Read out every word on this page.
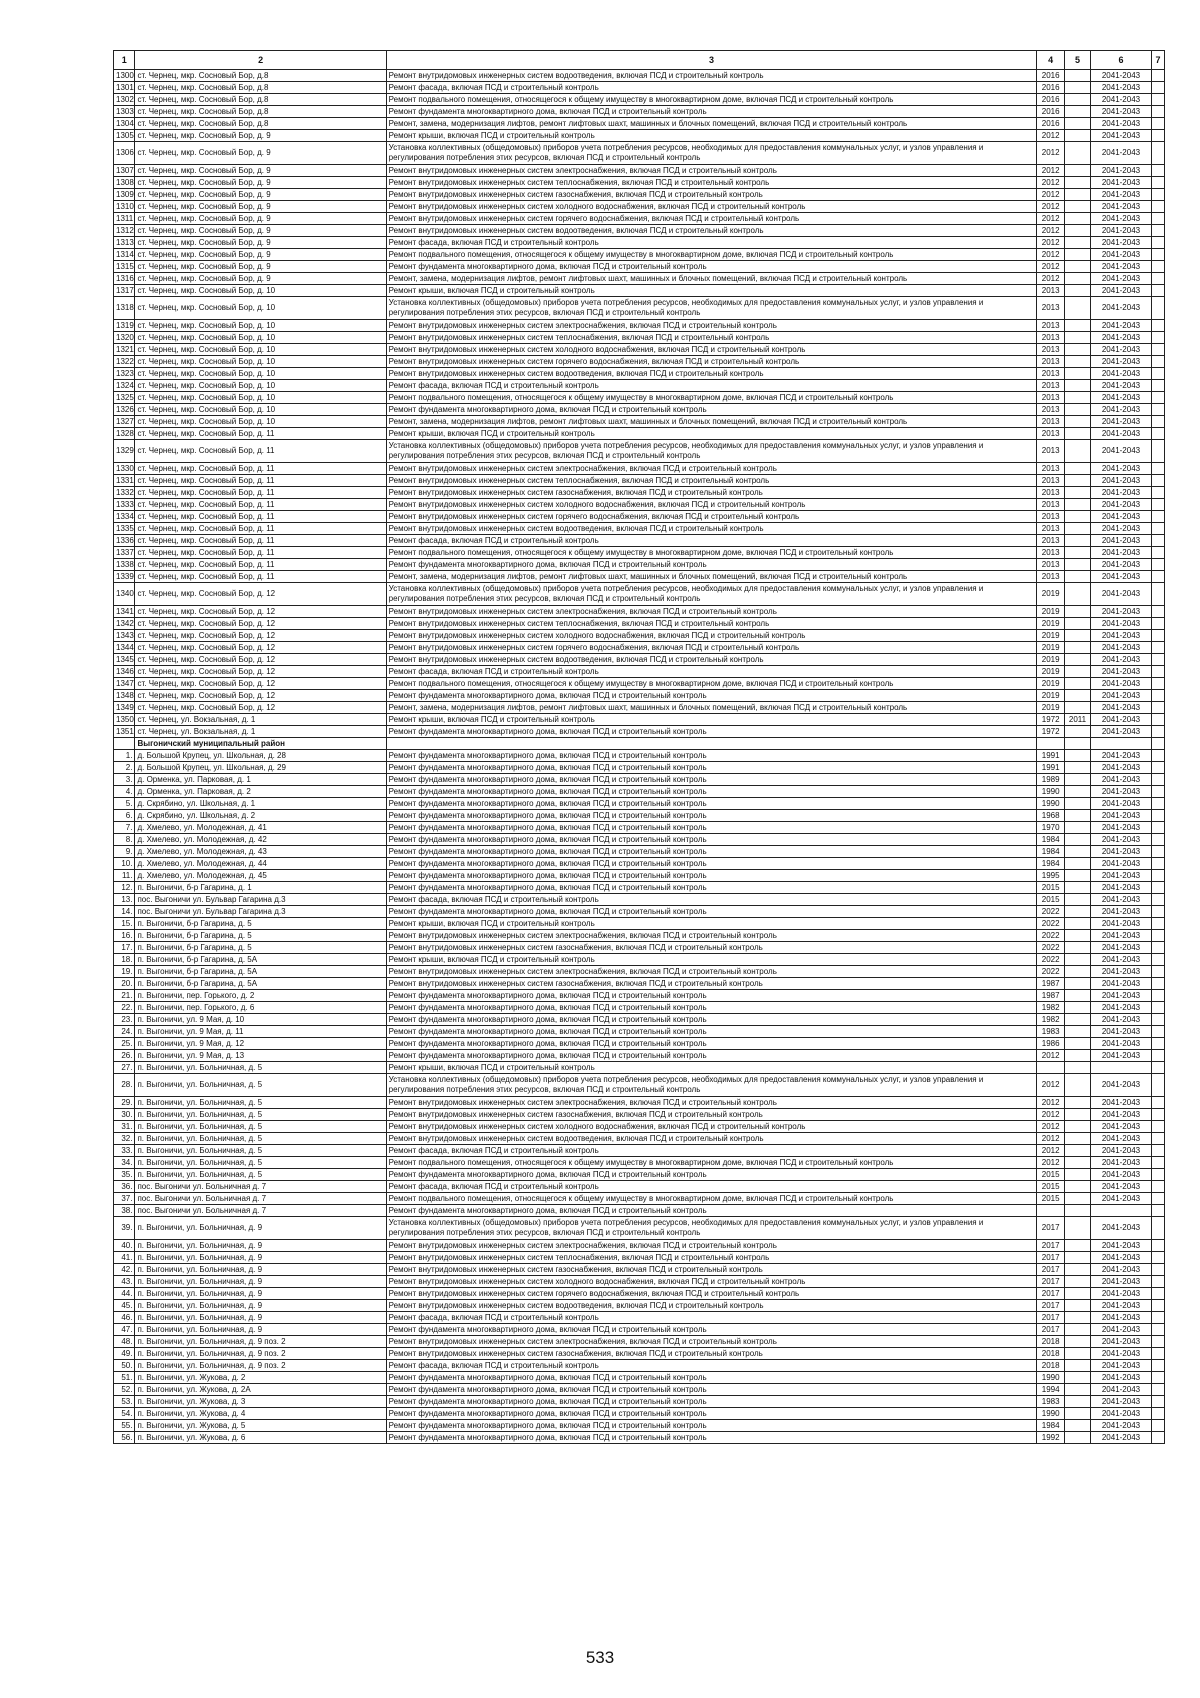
1	2	3	4	5	6	7
1300	ст. Чернец, мкр. Сосновый Бор, д.8	Ремонт внутридомовых инженерных систем водоотведения, включая ПСД и строительный контроль	2016		2041-2043	
1301	ст. Чернец, мкр. Сосновый Бор, д.8	Ремонт фасада, включая ПСД и строительный контроль	2016		2041-2043	
1302	ст. Чернец, мкр. Сосновый Бор, д.8	Ремонт подвального помещения, относящегося к общему имуществу в многоквартирном доме, включая ПСД и строительный контроль	2016		2041-2043	
1303	ст. Чернец, мкр. Сосновый Бор, д.8	Ремонт фундамента многоквартирного дома, включая ПСД и строительный контроль	2016		2041-2043	
1304	ст. Чернец, мкр. Сосновый Бор, д.8	Ремонт, замена, модернизация лифтов, ремонт лифтовых шахт, машинных и блочных помещений, включая ПСД и строительный контроль	2016		2041-2043	
1305	ст. Чернец, мкр. Сосновый Бор, д. 9	Ремонт крыши, включая ПСД и строительный контроль	2012		2041-2043	
1306	ст. Чернец, мкр. Сосновый Бор, д. 9	Установка коллективных (общедомовых) приборов учета потребления ресурсов, необходимых для предоставления коммунальных услуг, и узлов управления и регулирования потребления этих ресурсов, включая ПСД и строительный контроль	2012		2041-2043	
1307	ст. Чернец, мкр. Сосновый Бор, д. 9	Ремонт внутридомовых инженерных систем электроснабжения, включая ПСД и строительный контроль	2012		2041-2043	
1308	ст. Чернец, мкр. Сосновый Бор, д. 9	Ремонт внутридомовых инженерных систем теплоснабжения, включая ПСД и строительный контроль	2012		2041-2043	
1309	ст. Чернец, мкр. Сосновый Бор, д. 9	Ремонт внутридомовых инженерных систем газоснабжения, включая ПСД и строительный контроль	2012		2041-2043	
1310	ст. Чернец, мкр. Сосновый Бор, д. 9	Ремонт внутридомовых инженерных систем холодного водоснабжения, включая ПСД и строительный контроль	2012		2041-2043	
1311	ст. Чернец, мкр. Сосновый Бор, д. 9	Ремонт внутридомовых инженерных систем горячего водоснабжения, включая ПСД и строительный контроль	2012		2041-2043	
1312	ст. Чернец, мкр. Сосновый Бор, д. 9	Ремонт внутридомовых инженерных систем водоотведения, включая ПСД и строительный контроль	2012		2041-2043	
1313	ст. Чернец, мкр. Сосновый Бор, д. 9	Ремонт фасада, включая ПСД и строительный контроль	2012		2041-2043	
1314	ст. Чернец, мкр. Сосновый Бор, д. 9	Ремонт подвального помещения, относящегося к общему имуществу в многоквартирном доме, включая ПСД и строительный контроль	2012		2041-2043	
1315	ст. Чернец, мкр. Сосновый Бор, д. 9	Ремонт фундамента многоквартирного дома, включая ПСД и строительный контроль	2012		2041-2043	
1316	ст. Чернец, мкр. Сосновый Бор, д. 9	Ремонт, замена, модернизация лифтов, ремонт лифтовых шахт, машинных и блочных помещений, включая ПСД и строительный контроль	2012		2041-2043	
1317	ст. Чернец, мкр. Сосновый Бор, д. 10	Ремонт крыши, включая ПСД и строительный контроль	2013		2041-2043	
1318	ст. Чернец, мкр. Сосновый Бор, д. 10	Установка коллективных (общедомовых) приборов учета потребления ресурсов, необходимых для предоставления коммунальных услуг, и узлов управления и регулирования потребления этих ресурсов, включая ПСД и строительный контроль	2013		2041-2043	
1319	ст. Чернец, мкр. Сосновый Бор, д. 10	Ремонт внутридомовых инженерных систем электроснабжения, включая ПСД и строительный контроль	2013		2041-2043	
1320	ст. Чернец, мкр. Сосновый Бор, д. 10	Ремонт внутридомовых инженерных систем теплоснабжения, включая ПСД и строительный контроль	2013		2041-2043	
1321	ст. Чернец, мкр. Сосновый Бор, д. 10	Ремонт внутридомовых инженерных систем холодного водоснабжения, включая ПСД и строительный контроль	2013		2041-2043	
1322	ст. Чернец, мкр. Сосновый Бор, д. 10	Ремонт внутридомовых инженерных систем горячего водоснабжения, включая ПСД и строительный контроль	2013		2041-2043	
1323	ст. Чернец, мкр. Сосновый Бор, д. 10	Ремонт внутридомовых инженерных систем водоотведения, включая ПСД и строительный контроль	2013		2041-2043	
1324	ст. Чернец, мкр. Сосновый Бор, д. 10	Ремонт фасада, включая ПСД и строительный контроль	2013		2041-2043	
1325	ст. Чернец, мкр. Сосновый Бор, д. 10	Ремонт подвального помещения, относящегося к общему имуществу в многоквартирном доме, включая ПСД и строительный контроль	2013		2041-2043	
1326	ст. Чернец, мкр. Сосновый Бор, д. 10	Ремонт фундамента многоквартирного дома, включая ПСД и строительный контроль	2013		2041-2043	
1327	ст. Чернец, мкр. Сосновый Бор, д. 10	Ремонт, замена, модернизация лифтов, ремонт лифтовых шахт, машинных и блочных помещений, включая ПСД и строительный контроль	2013		2041-2043	
1328	ст. Чернец, мкр. Сосновый Бор, д. 11	Ремонт крыши, включая ПСД и строительный контроль	2013		2041-2043	
1329	ст. Чернец, мкр. Сосновый Бор, д. 11	Установка коллективных (общедомовых) приборов учета потребления ресурсов, необходимых для предоставления коммунальных услуг, и узлов управления и регулирования потребления этих ресурсов, включая ПСД и строительный контроль	2013		2041-2043	
1330	ст. Чернец, мкр. Сосновый Бор, д. 11	Ремонт внутридомовых инженерных систем электроснабжения, включая ПСД и строительный контроль	2013		2041-2043	
1331	ст. Чернец, мкр. Сосновый Бор, д. 11	Ремонт внутридомовых инженерных систем теплоснабжения, включая ПСД и строительный контроль	2013		2041-2043	
1332	ст. Чернец, мкр. Сосновый Бор, д. 11	Ремонт внутридомовых инженерных систем газоснабжения, включая ПСД и строительный контроль	2013		2041-2043	
1333	ст. Чернец, мкр. Сосновый Бор, д. 11	Ремонт внутридомовых инженерных систем холодного водоснабжения, включая ПСД и строительный контроль	2013		2041-2043	
1334	ст. Чернец, мкр. Сосновый Бор, д. 11	Ремонт внутридомовых инженерных систем горячего водоснабжения, включая ПСД и строительный контроль	2013		2041-2043	
1335	ст. Чернец, мкр. Сосновый Бор, д. 11	Ремонт внутридомовых инженерных систем водоотведения, включая ПСД и строительный контроль	2013		2041-2043	
1336	ст. Чернец, мкр. Сосновый Бор, д. 11	Ремонт фасада, включая ПСД и строительный контроль	2013		2041-2043	
1337	ст. Чернец, мкр. Сосновый Бор, д. 11	Ремонт подвального помещения, относящегося к общему имуществу в многоквартирном доме, включая ПСД и строительный контроль	2013		2041-2043	
1338	ст. Чернец, мкр. Сосновый Бор, д. 11	Ремонт фундамента многоквартирного дома, включая ПСД и строительный контроль	2013		2041-2043	
1339	ст. Чернец, мкр. Сосновый Бор, д. 11	Ремонт, замена, модернизация лифтов, ремонт лифтовых шахт, машинных и блочных помещений, включая ПСД и строительный контроль	2013		2041-2043	
1340	ст. Чернец, мкр. Сосновый Бор, д. 12	Установка коллективных (общедомовых) приборов учета потребления ресурсов, необходимых для предоставления коммунальных услуг, и узлов управления и регулирования потребления этих ресурсов, включая ПСД и строительный контроль	2019		2041-2043	
1341	ст. Чернец, мкр. Сосновый Бор, д. 12	Ремонт внутридомовых инженерных систем электроснабжения, включая ПСД и строительный контроль	2019		2041-2043	
1342	ст. Чернец, мкр. Сосновый Бор, д. 12	Ремонт внутридомовых инженерных систем теплоснабжения, включая ПСД и строительный контроль	2019		2041-2043	
1343	ст. Чернец, мкр. Сосновый Бор, д. 12	Ремонт внутридомовых инженерных систем холодного водоснабжения, включая ПСД и строительный контроль	2019		2041-2043	
1344	ст. Чернец, мкр. Сосновый Бор, д. 12	Ремонт внутридомовых инженерных систем горячего водоснабжения, включая ПСД и строительный контроль	2019		2041-2043	
1345	ст. Чернец, мкр. Сосновый Бор, д. 12	Ремонт внутридомовых инженерных систем водоотведения, включая ПСД и строительный контроль	2019		2041-2043	
1346	ст. Чернец, мкр. Сосновый Бор, д. 12	Ремонт фасада, включая ПСД и строительный контроль	2019		2041-2043	
1347	ст. Чернец, мкр. Сосновый Бор, д. 12	Ремонт подвального помещения, относящегося к общему имуществу в многоквартирном доме, включая ПСД и строительный контроль	2019		2041-2043	
1348	ст. Чернец, мкр. Сосновый Бор, д. 12	Ремонт фундамента многоквартирного дома, включая ПСД и строительный контроль	2019		2041-2043	
1349	ст. Чернец, мкр. Сосновый Бор, д. 12	Ремонт, замена, модернизация лифтов, ремонт лифтовых шахт, машинных и блочных помещений, включая ПСД и строительный контроль	2019		2041-2043	
1350	ст. Чернец, ул. Вокзальная, д. 1	Ремонт крыши, включая ПСД и строительный контроль	1972	2011	2041-2043	
1351	ст. Чернец, ул. Вокзальная, д. 1	Ремонт фундамента многоквартирного дома, включая ПСД и строительный контроль	1972		2041-2043	
	Выгоничский муниципальный район					
1.	д. Большой Крупец, ул. Школьная, д. 28	Ремонт фундамента многоквартирного дома, включая ПСД и строительный контроль	1991		2041-2043	
2.	д. Большой Крупец, ул. Школьная, д. 29	Ремонт фундамента многоквартирного дома, включая ПСД и строительный контроль	1991		2041-2043	
3.	д. Орменка, ул. Парковая, д. 1	Ремонт фундамента многоквартирного дома, включая ПСД и строительный контроль	1989		2041-2043	
4.	д. Орменка, ул. Парковая, д. 2	Ремонт фундамента многоквартирного дома, включая ПСД и строительный контроль	1990		2041-2043	
5.	д. Скрябино, ул. Школьная, д. 1	Ремонт фундамента многоквартирного дома, включая ПСД и строительный контроль	1990		2041-2043	
6.	д. Скрябино, ул. Школьная, д. 2	Ремонт фундамента многоквартирного дома, включая ПСД и строительный контроль	1968		2041-2043	
7.	д. Хмелево, ул. Молодежная, д. 41	Ремонт фундамента многоквартирного дома, включая ПСД и строительный контроль	1970		2041-2043	
8.	д. Хмелево, ул. Молодежная, д. 42	Ремонт фундамента многоквартирного дома, включая ПСД и строительный контроль	1984		2041-2043	
9.	д. Хмелево, ул. Молодежная, д. 43	Ремонт фундамента многоквартирного дома, включая ПСД и строительный контроль	1984		2041-2043	
10.	д. Хмелево, ул. Молодежная, д. 44	Ремонт фундамента многоквартирного дома, включая ПСД и строительный контроль	1984		2041-2043	
11.	д. Хмелево, ул. Молодежная, д. 45	Ремонт фундамента многоквартирного дома, включая ПСД и строительный контроль	1995		2041-2043	
12.	п. Выгоничи, б-р Гагарина, д. 1	Ремонт фундамента многоквартирного дома, включая ПСД и строительный контроль	2015		2041-2043	
13.	пос. Выгоничи ул. Бульвар Гагарина д.3	Ремонт фасада, включая ПСД и строительный контроль	2015		2041-2043	
14.	пос. Выгоничи ул. Бульвар Гагарина д.3	Ремонт фундамента многоквартирного дома, включая ПСД и строительный контроль	2022		2041-2043	
15.	п. Выгоничи, б-р Гагарина, д. 5	Ремонт крыши, включая ПСД и строительный контроль	2022		2041-2043	
16.	п. Выгоничи, б-р Гагарина, д. 5	Ремонт внутридомовых инженерных систем электроснабжения, включая ПСД и строительный контроль	2022		2041-2043	
17.	п. Выгоничи, б-р Гагарина, д. 5	Ремонт внутридомовых инженерных систем газоснабжения, включая ПСД и строительный контроль	2022		2041-2043	
18.	п. Выгоничи, б-р Гагарина, д. 5А	Ремонт крыши, включая ПСД и строительный контроль	2022		2041-2043	
19.	п. Выгоничи, б-р Гагарина, д. 5А	Ремонт внутридомовых инженерных систем электроснабжения, включая ПСД и строительный контроль	2022		2041-2043	
20.	п. Выгоничи, б-р Гагарина, д. 5А	Ремонт внутридомовых инженерных систем газоснабжения, включая ПСД и строительный контроль	1987		2041-2043	
21.	п. Выгоничи, пер. Горького, д. 2	Ремонт фундамента многоквартирного дома, включая ПСД и строительный контроль	1987		2041-2043	
22.	п. Выгоничи, пер. Горького, д. 6	Ремонт фундамента многоквартирного дома, включая ПСД и строительный контроль	1982		2041-2043	
23.	п. Выгоничи, ул. 9 Мая, д. 10	Ремонт фундамента многоквартирного дома, включая ПСД и строительный контроль	1982		2041-2043	
24.	п. Выгоничи, ул. 9 Мая, д. 11	Ремонт фундамента многоквартирного дома, включая ПСД и строительный контроль	1983		2041-2043	
25.	п. Выгоничи, ул. 9 Мая, д. 12	Ремонт фундамента многоквартирного дома, включая ПСД и строительный контроль	1986		2041-2043	
26.	п. Выгоничи, ул. 9 Мая, д. 13	Ремонт фундамента многоквартирного дома, включая ПСД и строительный контроль	2012		2041-2043	
27.	п. Выгоничи, ул. Больничная, д. 5	Ремонт крыши, включая ПСД и строительный контроль				
28.	п. Выгоничи, ул. Больничная, д. 5	Установка коллективных (общедомовых) приборов учета потребления ресурсов, необходимых для предоставления коммунальных услуг, и узлов управления и регулирования потребления этих ресурсов, включая ПСД и строительный контроль	2012		2041-2043	
29.	п. Выгоничи, ул. Больничная, д. 5	Ремонт внутридомовых инженерных систем электроснабжения, включая ПСД и строительный контроль	2012		2041-2043	
30.	п. Выгоничи, ул. Больничная, д. 5	Ремонт внутридомовых инженерных систем газоснабжения, включая ПСД и строительный контроль	2012		2041-2043	
31.	п. Выгоничи, ул. Больничная, д. 5	Ремонт внутридомовых инженерных систем холодного водоснабжения, включая ПСД и строительный контроль	2012		2041-2043	
32.	п. Выгоничи, ул. Больничная, д. 5	Ремонт внутридомовых инженерных систем водоотведения, включая ПСД и строительный контроль	2012		2041-2043	
33.	п. Выгоничи, ул. Больничная, д. 5	Ремонт фасада, включая ПСД и строительный контроль	2012		2041-2043	
34.	п. Выгоничи, ул. Больничная, д. 5	Ремонт подвального помещения, относящегося к общему имуществу в многоквартирном доме, включая ПСД и строительный контроль	2012		2041-2043	
35.	п. Выгоничи, ул. Больничная, д. 5	Ремонт фундамента многоквартирного дома, включая ПСД и строительный контроль	2015		2041-2043	
36.	пос. Выгоничи ул. Больничная д. 7	Ремонт фасада, включая ПСД и строительный контроль	2015		2041-2043	
37.	пос. Выгоничи ул. Больничная д. 7	Ремонт подвального помещения, относящегося к общему имуществу в многоквартирном доме, включая ПСД и строительный контроль	2015		2041-2043	
38.	пос. Выгоничи ул. Больничная д. 7	Ремонт фундамента многоквартирного дома, включая ПСД и строительный контроль				
39.	п. Выгоничи, ул. Больничная, д. 9	Установка коллективных (общедомовых) приборов учета потребления ресурсов, необходимых для предоставления коммунальных услуг, и узлов управления и регулирования потребления этих ресурсов, включая ПСД и строительный контроль	2017		2041-2043	
40.	п. Выгоничи, ул. Больничная, д. 9	Ремонт внутридомовых инженерных систем электроснабжения, включая ПСД и строительный контроль	2017		2041-2043	
41.	п. Выгоничи, ул. Больничная, д. 9	Ремонт внутридомовых инженерных систем теплоснабжения, включая ПСД и строительный контроль	2017		2041-2043	
42.	п. Выгоничи, ул. Больничная, д. 9	Ремонт внутридомовых инженерных систем газоснабжения, включая ПСД и строительный контроль	2017		2041-2043	
43.	п. Выгоничи, ул. Больничная, д. 9	Ремонт внутридомовых инженерных систем холодного водоснабжения, включая ПСД и строительный контроль	2017		2041-2043	
44.	п. Выгоничи, ул. Больничная, д. 9	Ремонт внутридомовых инженерных систем горячего водоснабжения, включая ПСД и строительный контроль	2017		2041-2043	
45.	п. Выгоничи, ул. Больничная, д. 9	Ремонт внутридомовых инженерных систем водоотведения, включая ПСД и строительный контроль	2017		2041-2043	
46.	п. Выгоничи, ул. Больничная, д. 9	Ремонт фасада, включая ПСД и строительный контроль	2017		2041-2043	
47.	п. Выгоничи, ул. Больничная, д. 9	Ремонт фундамента многоквартирного дома, включая ПСД и строительный контроль	2017		2041-2043	
48.	п. Выгоничи, ул. Больничная, д. 9 поз. 2	Ремонт внутридомовых инженерных систем электроснабжения, включая ПСД и строительный контроль	2018		2041-2043	
49.	п. Выгоничи, ул. Больничная, д. 9 поз. 2	Ремонт внутридомовых инженерных систем газоснабжения, включая ПСД и строительный контроль	2018		2041-2043	
50.	п. Выгоничи, ул. Больничная, д. 9 поз. 2	Ремонт фасада, включая ПСД и строительный контроль	2018		2041-2043	
51.	п. Выгоничи, ул. Жукова, д. 2	Ремонт фундамента многоквартирного дома, включая ПСД и строительный контроль	1990		2041-2043	
52.	п. Выгоничи, ул. Жукова, д. 2А	Ремонт фундамента многоквартирного дома, включая ПСД и строительный контроль	1994		2041-2043	
53.	п. Выгоничи, ул. Жукова, д. 3	Ремонт фундамента многоквартирного дома, включая ПСД и строительный контроль	1983		2041-2043	
54.	п. Выгоничи, ул. Жукова, д. 4	Ремонт фундамента многоквартирного дома, включая ПСД и строительный контроль	1990		2041-2043	
55.	п. Выгоничи, ул. Жукова, д. 5	Ремонт фундамента многоквартирного дома, включая ПСД и строительный контроль	1984		2041-2043	
56.	п. Выгоничи, ул. Жукова, д. 6	Ремонт фундамента многоквартирного дома, включая ПСД и строительный контроль	1992		2041-2043	
533
